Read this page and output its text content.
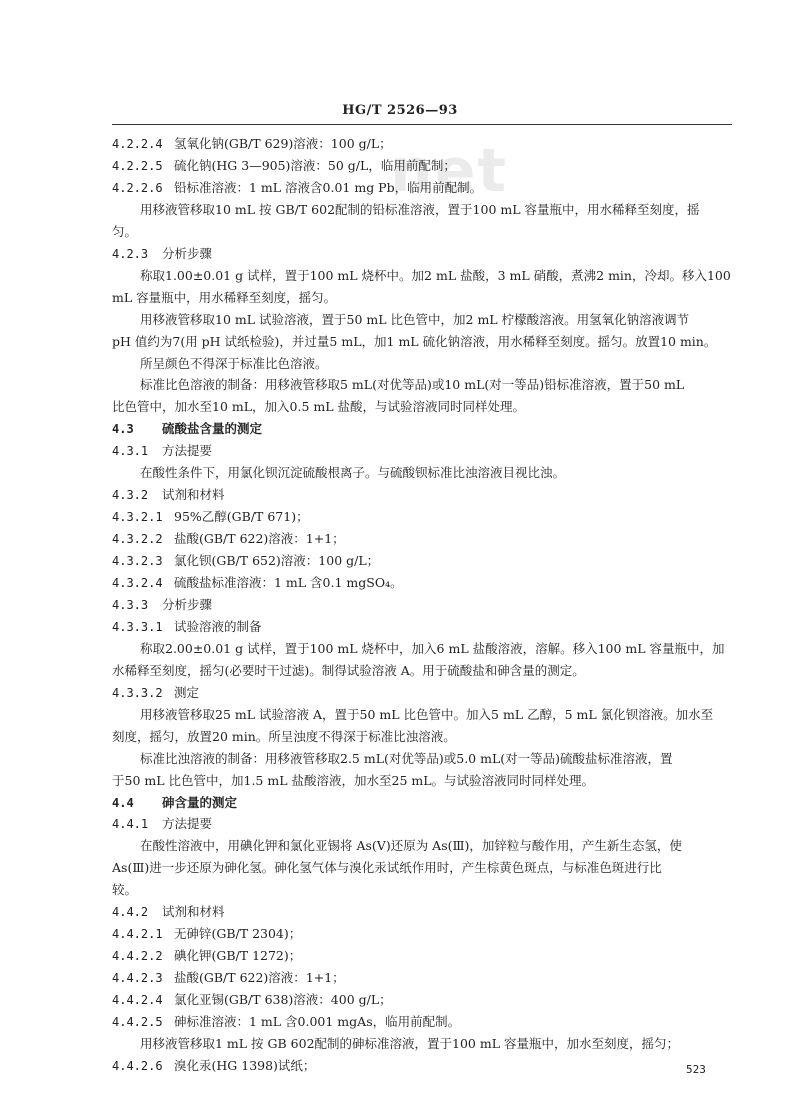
HG/T 2526—93
net
4.2.2.4 氢氧化钠(GB/T 629)溶液：100 g/L；
4.2.2.5 硫化钠(HG 3—905)溶液：50 g/L，临用前配制；
4.2.2.6 铅标准溶液：1 mL 溶液含0.01 mg Pb，临用前配制。
用移液管移取10 mL 按 GB/T 602配制的铅标准溶液，置于100 mL 容量瓶中，用水稀释至刻度，摇
匀。
4.2.3 分析步骤
称取1.00±0.01 g 试样，置于100 mL 烧杯中。加2 mL 盐酸，3 mL 硝酸，煮沸2 min，冷却。移入100
mL 容量瓶中，用水稀释至刻度，摇匀。
用移液管移取10 mL 试验溶液，置于50 mL 比色管中，加2 mL 柠檬酸溶液。用氢氧化钠溶液调节
pH 值约为7(用 pH 试纸检验)，并过量5 mL，加1 mL 硫化钠溶液，用水稀释至刻度。摇匀。放置10 min。
所呈颜色不得深于标准比色溶液。
标准比色溶液的制备：用移液管移取5 mL(对优等品)或10 mL(对一等品)铅标准溶液，置于50 mL
比色管中，加水至10 mL，加入0.5 mL 盐酸，与试验溶液同时同样处理。
4.3 硫酸盐含量的测定
4.3.1 方法提要
在酸性条件下，用氯化钡沉淀硫酸根离子。与硫酸钡标准比浊溶液目视比浊。
4.3.2 试剂和材料
4.3.2.1 95%乙醇(GB/T 671)；
4.3.2.2 盐酸(GB/T 622)溶液：1+1；
4.3.2.3 氯化钡(GB/T 652)溶液：100 g/L；
4.3.2.4 硫酸盐标准溶液：1 mL 含0.1 mgSO₄。
4.3.3 分析步骤
4.3.3.1 试验溶液的制备
称取2.00±0.01 g 试样，置于100 mL 烧杯中，加入6 mL 盐酸溶液，溶解。移入100 mL 容量瓶中，加
水稀释至刻度，摇匀(必要时干过滤)。制得试验溶液 A。用于硫酸盐和砷含量的测定。
4.3.3.2 测定
用移液管移取25 mL 试验溶液 A，置于50 mL 比色管中。加入5 mL 乙醇，5 mL 氯化钡溶液。加水至
刻度，摇匀，放置20 min。所呈浊度不得深于标准比浊溶液。
标准比浊溶液的制备：用移液管移取2.5 mL(对优等品)或5.0 mL(对一等品)硫酸盐标准溶液，置
于50 mL 比色管中，加1.5 mL 盐酸溶液，加水至25 mL。与试验溶液同时同样处理。
4.4 砷含量的测定
4.4.1 方法提要
在酸性溶液中，用碘化钾和氯化亚锡将 As(Ⅴ)还原为 As(Ⅲ)，加锌粒与酸作用，产生新生态氢，使
As(Ⅲ)进一步还原为砷化氢。砷化氢气体与溴化汞试纸作用时，产生棕黄色斑点，与标准色斑进行比
较。
4.4.2 试剂和材料
4.4.2.1 无砷锌(GB/T 2304)；
4.4.2.2 碘化钾(GB/T 1272)；
4.4.2.3 盐酸(GB/T 622)溶液：1+1；
4.4.2.4 氯化亚锡(GB/T 638)溶液：400 g/L；
4.4.2.5 砷标准溶液：1 mL 含0.001 mgAs，临用前配制。
用移液管移取1 mL 按 GB 602配制的砷标准溶液，置于100 mL 容量瓶中，加水至刻度，摇匀；
4.4.2.6 溴化汞(HG 1398)试纸；	523
